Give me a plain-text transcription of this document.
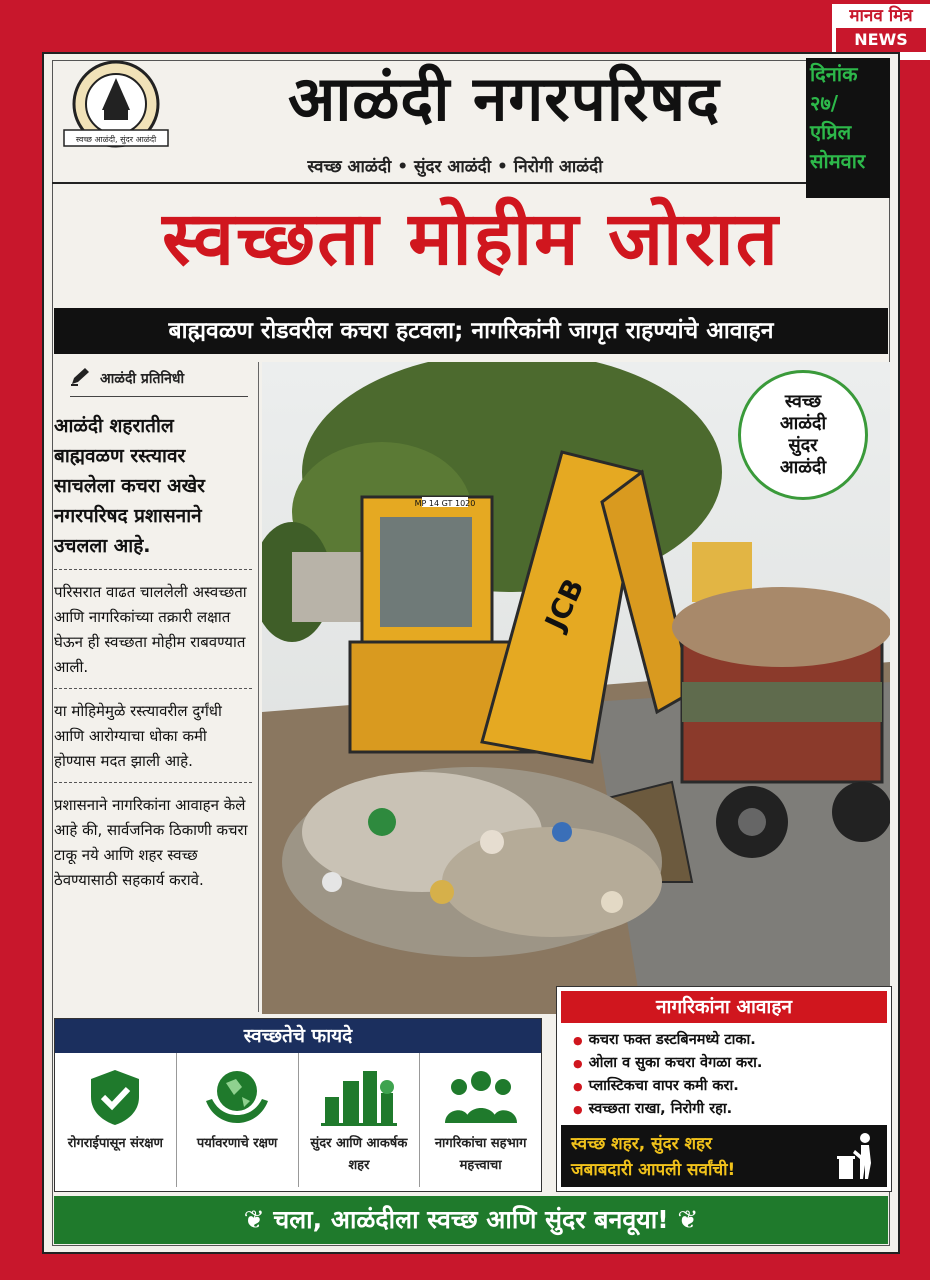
मानव मित्र
NEWS
स्वच्छ आळंदी, सुंदर आळंदी
आळंदी नगरपरिषद
स्वच्छ आळंदी • सुंदर आळंदी • निरोगी आळंदी
स्वच्छता मोहीम जोरात
बाह्मवळण रोडवरील कचरा हटवला; नागरिकांनी जागृत राहण्यांचे आवाहन
आळंदी प्रतिनिधी
आळंदी शहरातील बाह्मवळण रस्त्यावर साचलेला कचरा अखेर नगरपरिषद प्रशासनाने उचलला आहे.
परिसरात वाढत चाललेली अस्वच्छता आणि नागरिकांच्या तक्रारी लक्षात घेऊन ही स्वच्छता मोहीम राबवण्यात आली.
या मोहिमेमुळे रस्त्यावरील दुर्गंधी आणि आरोग्याचा धोका कमी होण्यास मदत झाली आहे.
प्रशासनाने नागरिकांना आवाहन केले आहे की, सार्वजनिक ठिकाणी कचरा टाकू नये आणि शहर स्वच्छ ठेवण्यासाठी सहकार्य करावे.
MP 14 GT 1020
JCB
स्वच्छ
आळंदी
सुंदर
आळंदी
स्वच्छतेचे फायदे
रोगराईपासून संरक्षण	पर्यावरणाचे रक्षण	सुंदर आणि आकर्षक शहर
नागरिकांचा सहभाग महत्त्वाचा
नागरिकांना आवाहन
● कचरा फक्त डस्टबिनमध्ये टाका.
● ओला व सुका कचरा वेगळा करा.
● प्लास्टिकचा वापर कमी करा.
● स्वच्छता राखा, निरोगी रहा.
स्वच्छ शहर, सुंदर शहर
जबाबदारी आपली सर्वांची!
❦ चला, आळंदीला स्वच्छ आणि सुंदर बनवूया! ❦
दिनांक
२७/
एप्रिल
सोमवार
